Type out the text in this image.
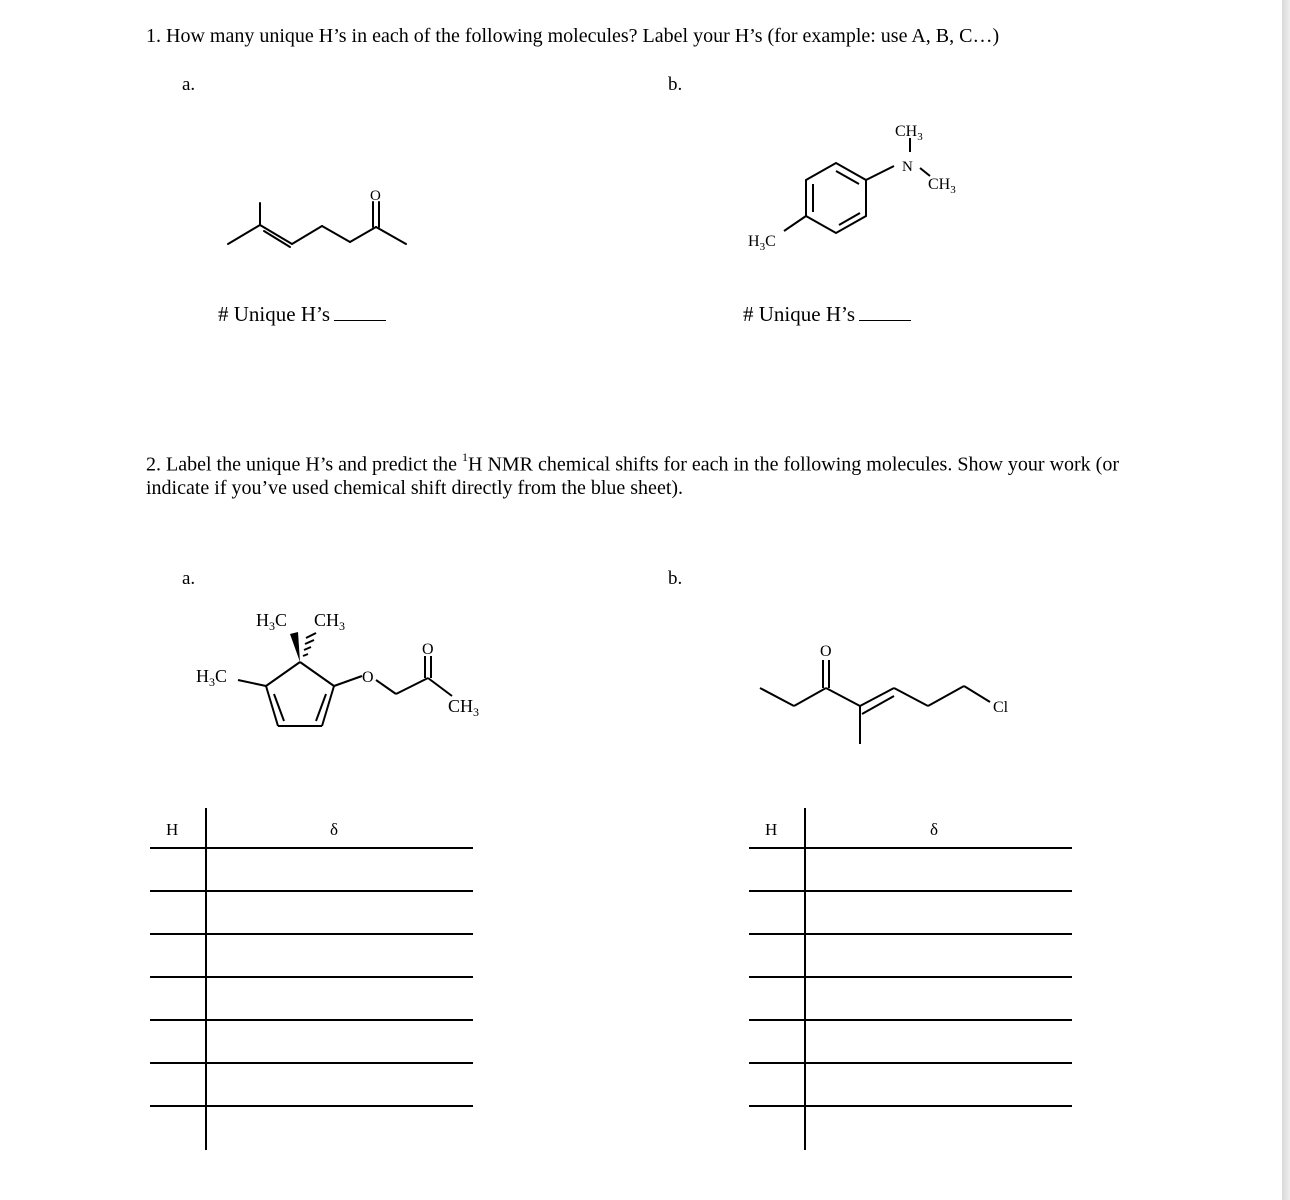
1. How many unique H’s in each of the following molecules? Label your H’s (for example: use A, B, C…)

a.	b.
O
$CH_3$
N
$CH_3$
$H_3C$
# Unique H’s	# Unique H’s

2. Label the unique H’s and predict the $^1$H NMR chemical shifts for each in the following molecules. Show your work (or indicate if you’ve used chemical shift directly from the blue sheet).

a.	b.
$H_3C$
$H_3C$ $CH_3$
O
O
$CH_3$
O
Cl
H	δ	H	δ
